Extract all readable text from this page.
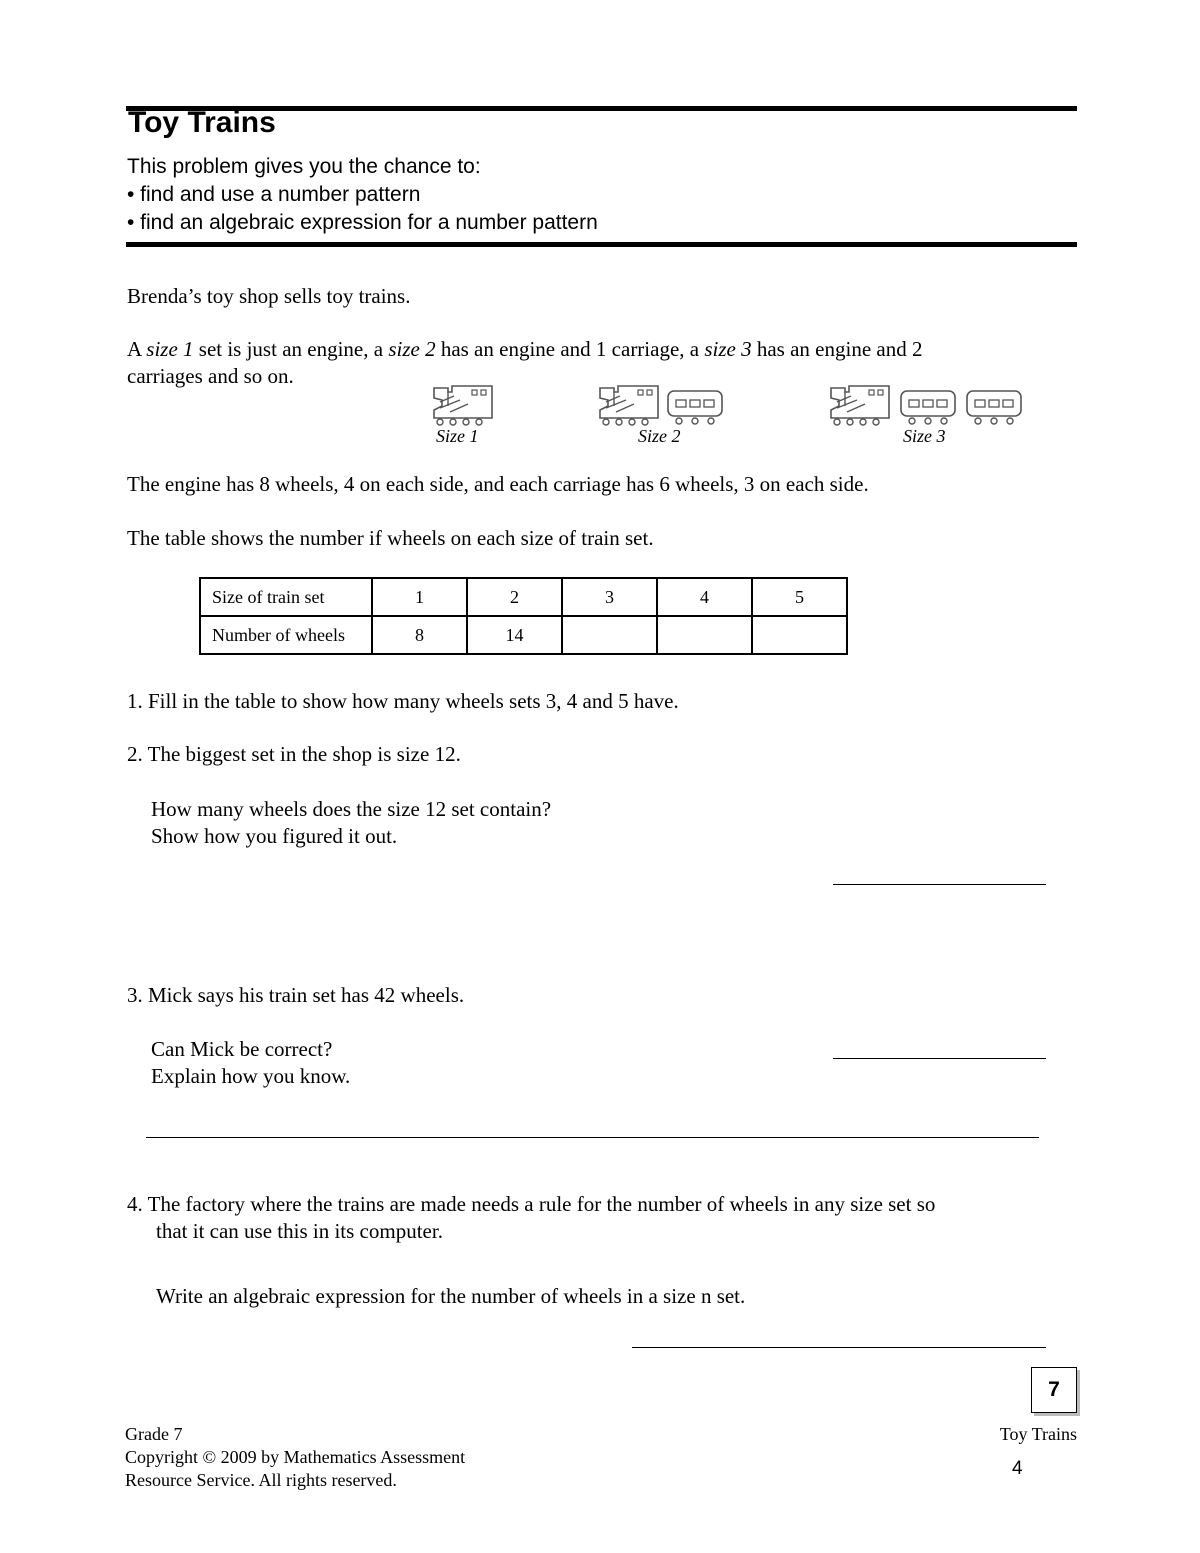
Toy Trains
This problem gives you the chance to:
• find and use a number pattern
• find an algebraic expression for a number pattern
Brenda’s toy shop sells toy trains.
A size 1 set is just an engine, a size 2 has an engine and 1 carriage, a size 3 has an engine and 2
carriages and so on.
Size 1	Size 2	Size 3
The engine has 8 wheels, 4 on each side, and each carriage has 6 wheels, 3 on each side.
The table shows the number if wheels on each size of train set.
Size of train set	1	2	3	4	5
Number of wheels	8	14			
1. Fill in the table to show how many wheels sets 3, 4 and 5 have.
2. The biggest set in the shop is size 12.
How many wheels does the size 12 set contain?
Show how you figured it out.
3. Mick says his train set has 42 wheels.
Can Mick be correct?
Explain how you know.
4. The factory where the trains are made needs a rule for the number of wheels in any size set so
that it can use this in its computer.
Write an algebraic expression for the number of wheels in a size n set.
7
Grade 7
Copyright © 2009 by Mathematics Assessment
Resource Service. All rights reserved.
Toy Trains
4
